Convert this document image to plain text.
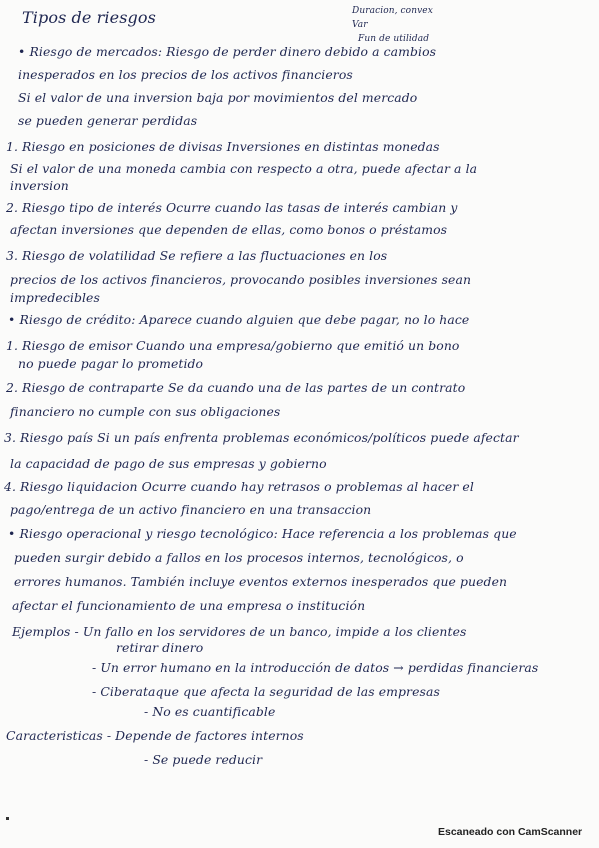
Tipos de riesgos	Duracion, convex
Var
Fun de utilidad
• Riesgo de mercados: Riesgo de perder dinero debido a cambios
inesperados en los precios de los activos financieros
Si el valor de una inversion baja por movimientos del mercado
se pueden generar perdidas
1. Riesgo en posiciones de divisas Inversiones en distintas monedas
Si el valor de una moneda cambia con respecto a otra, puede afectar a la
inversion
2. Riesgo tipo de interés Ocurre cuando las tasas de interés cambian y
afectan inversiones que dependen de ellas, como bonos o préstamos
3. Riesgo de volatilidad Se refiere a las fluctuaciones en los
precios de los activos financieros, provocando posibles inversiones sean
impredecibles
• Riesgo de crédito: Aparece cuando alguien que debe pagar, no lo hace
1. Riesgo de emisor Cuando una empresa/gobierno que emitió un bono
no puede pagar lo prometido
2. Riesgo de contraparte Se da cuando una de las partes de un contrato
financiero no cumple con sus obligaciones
3. Riesgo país Si un país enfrenta problemas económicos/políticos puede afectar
la capacidad de pago de sus empresas y gobierno
4. Riesgo liquidacion Ocurre cuando hay retrasos o problemas al hacer el
pago/entrega de un activo financiero en una transaccion
• Riesgo operacional y riesgo tecnológico: Hace referencia a los problemas que
pueden surgir debido a fallos en los procesos internos, tecnológicos, o
errores humanos. También incluye eventos externos inesperados que pueden
afectar el funcionamiento de una empresa o institución
Ejemplos - Un fallo en los servidores de un banco, impide a los clientes
retirar dinero
- Un error humano en la introducción de datos → perdidas financieras
- Ciberataque que afecta la seguridad de las empresas
- No es cuantificable
Caracteristicas - Depende de factores internos
- Se puede reducir
Escaneado con CamScanner
